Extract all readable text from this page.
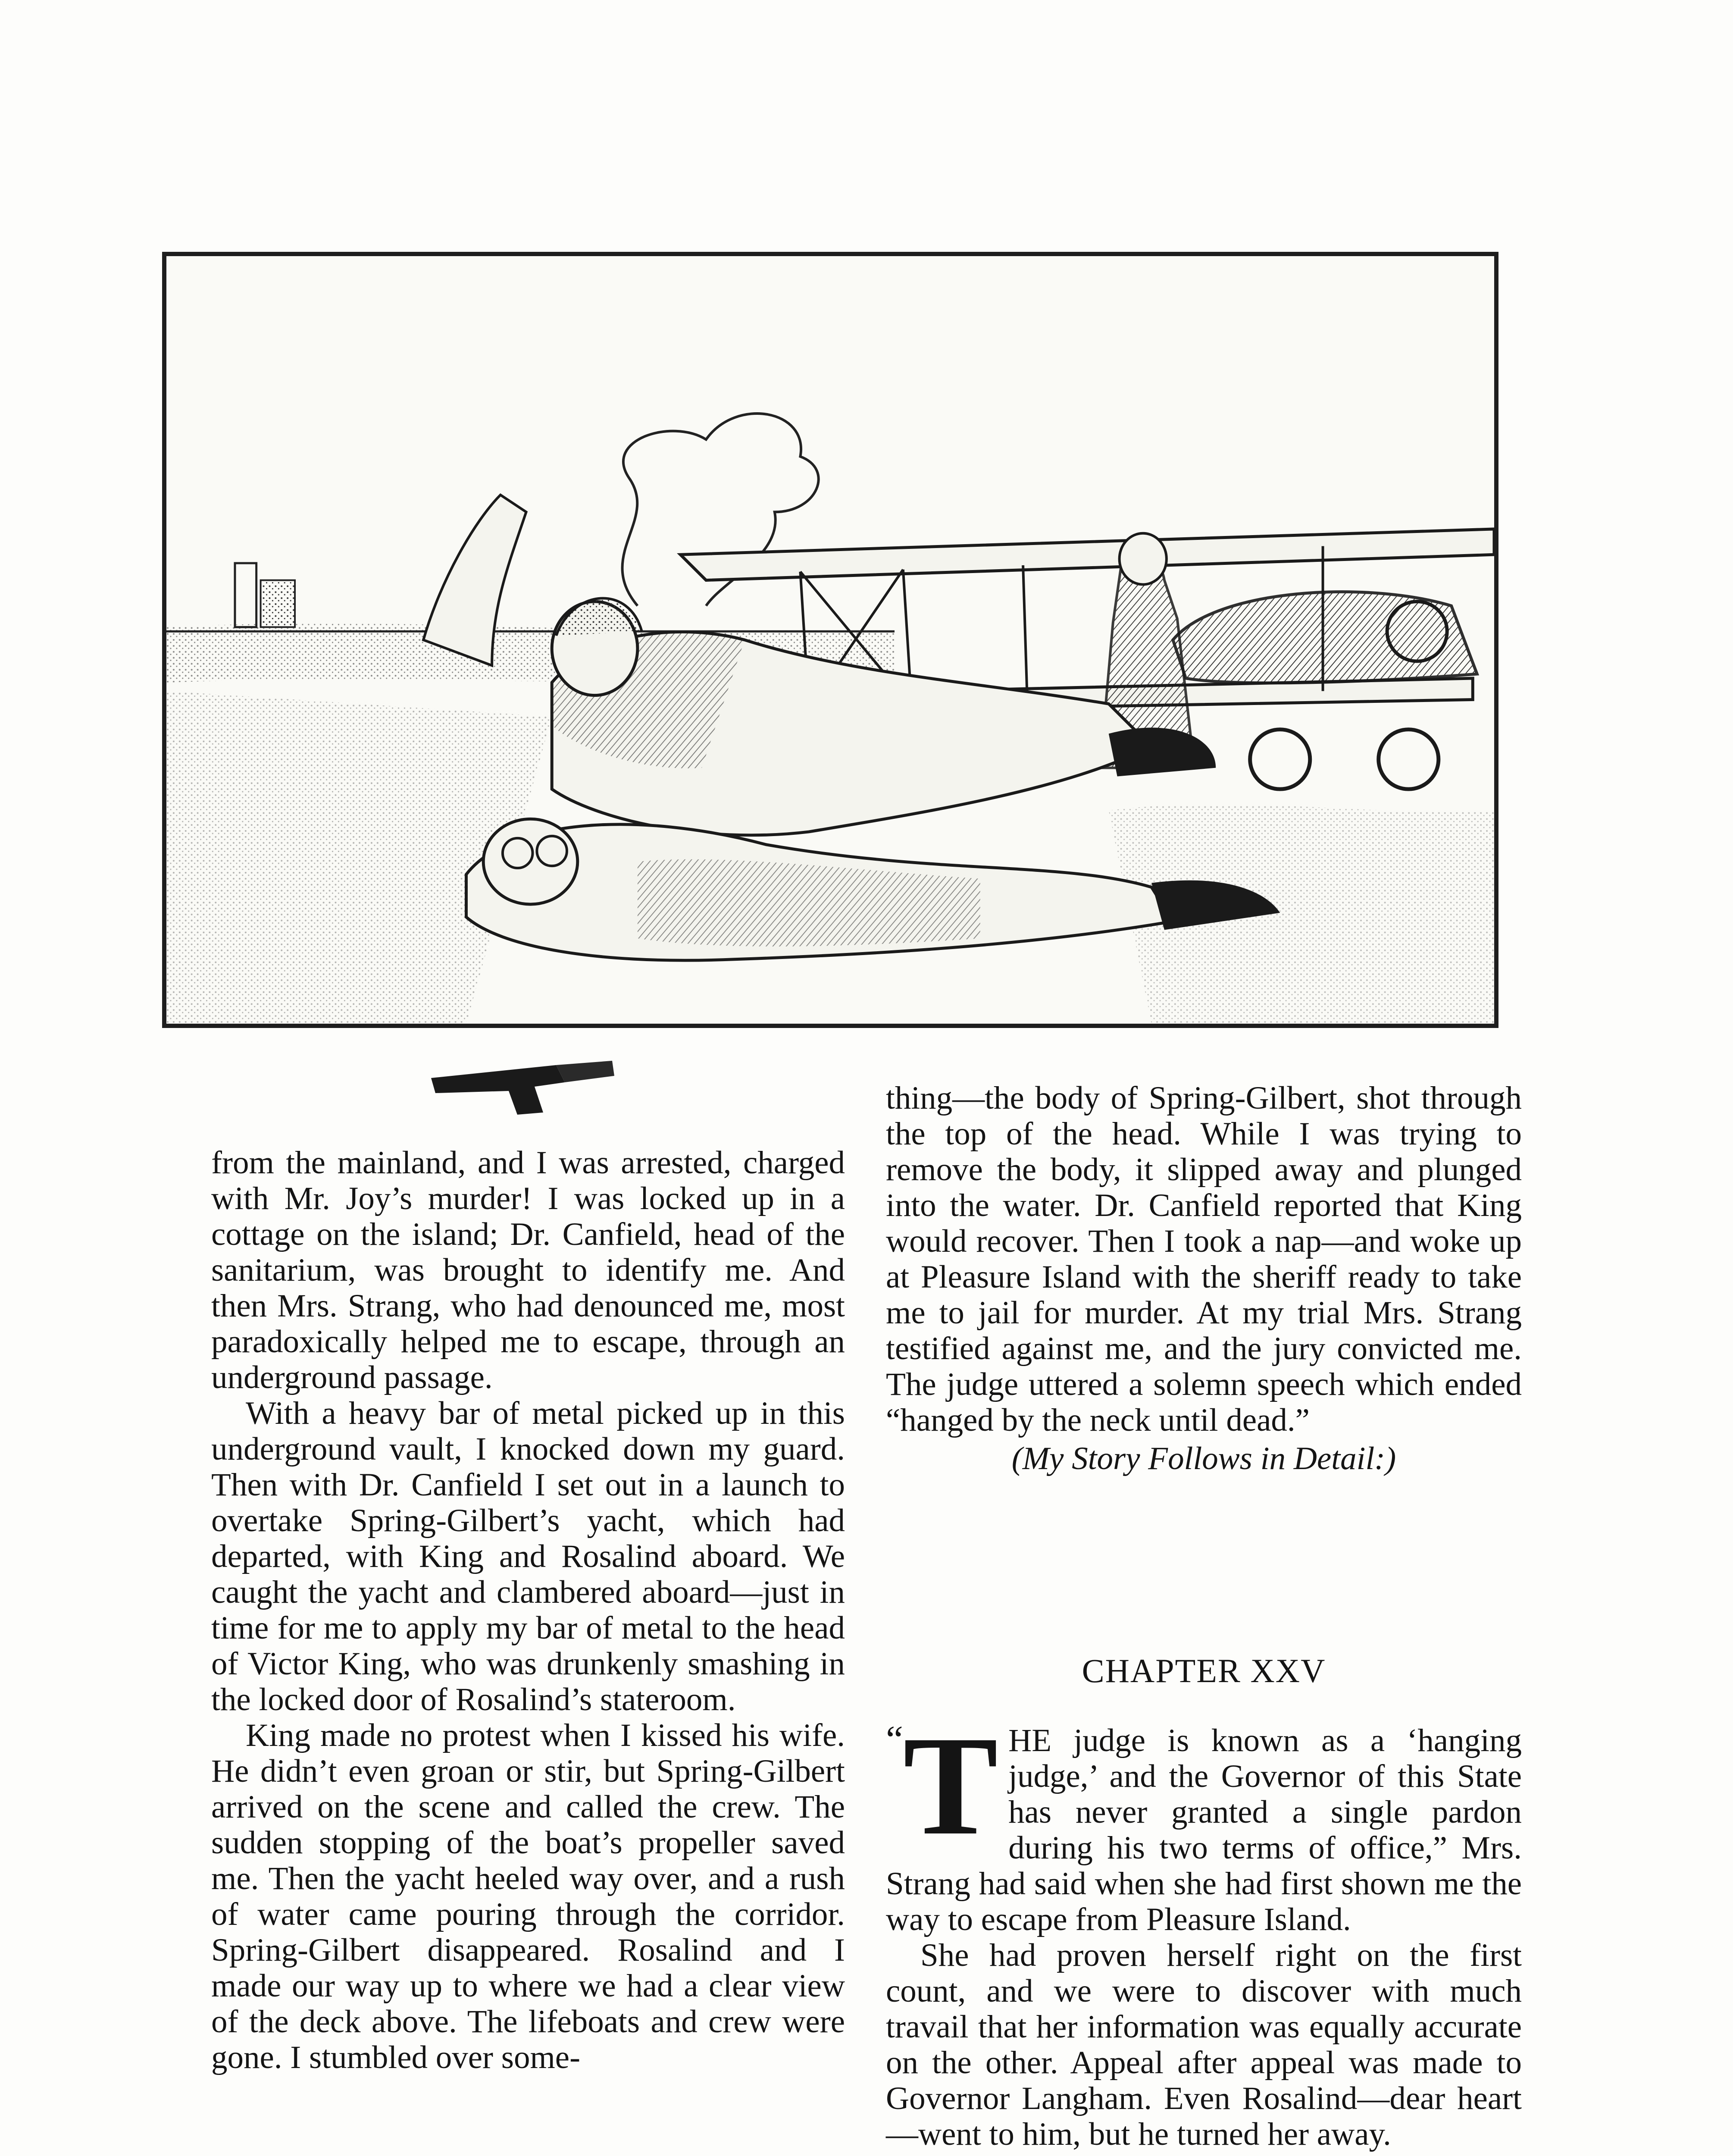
from the mainland, and I was arrested, charged with Mr. Joy’s murder! I was locked up in a cottage on the island; Dr. Canfield, head of the sanitarium, was brought to identify me. And then Mrs. Strang, who had denounced me, most paradoxically helped me to escape, through an underground passage.

With a heavy bar of metal picked up in this underground vault, I knocked down my guard. Then with Dr. Canfield I set out in a launch to overtake Spring-Gilbert’s yacht, which had departed, with King and Rosalind aboard. We caught the yacht and clambered aboard—just in time for me to apply my bar of metal to the head of Victor King, who was drunkenly smashing in the locked door of Rosalind’s stateroom.

King made no protest when I kissed his wife. He didn’t even groan or stir, but Spring-Gilbert arrived on the scene and called the crew. The sudden stopping of the boat’s propeller saved me. Then the yacht heeled way over, and a rush of water came pouring through the corridor. Spring-Gilbert disappeared. Rosalind and I made our way up to where we had a clear view of the deck above. The lifeboats and crew were gone. I stumbled over some-

thing—the body of Spring-Gilbert, shot through the top of the head. While I was trying to remove the body, it slipped away and plunged into the water. Dr. Canfield reported that King would recover. Then I took a nap—and woke up at Pleasure Island with the sheriff ready to take me to jail for murder. At my trial Mrs. Strang testified against me, and the jury convicted me. The judge uttered a solemn speech which ended “hanged by the neck until dead.”

(My Story Follows in Detail:)

CHAPTER XXV
“ T HE judge is known as a ‘hanging judge,’ and the Governor of this State has never granted a single pardon during his two terms of office,” Mrs. Strang had said when she had first shown me the way to escape from Pleasure Island.

She had proven herself right on the first count, and we were to discover with much travail that her information was equally accurate on the other. Appeal after appeal was made to Governor Langham. Even Rosalind—dear heart—went to him, but he turned her away.
